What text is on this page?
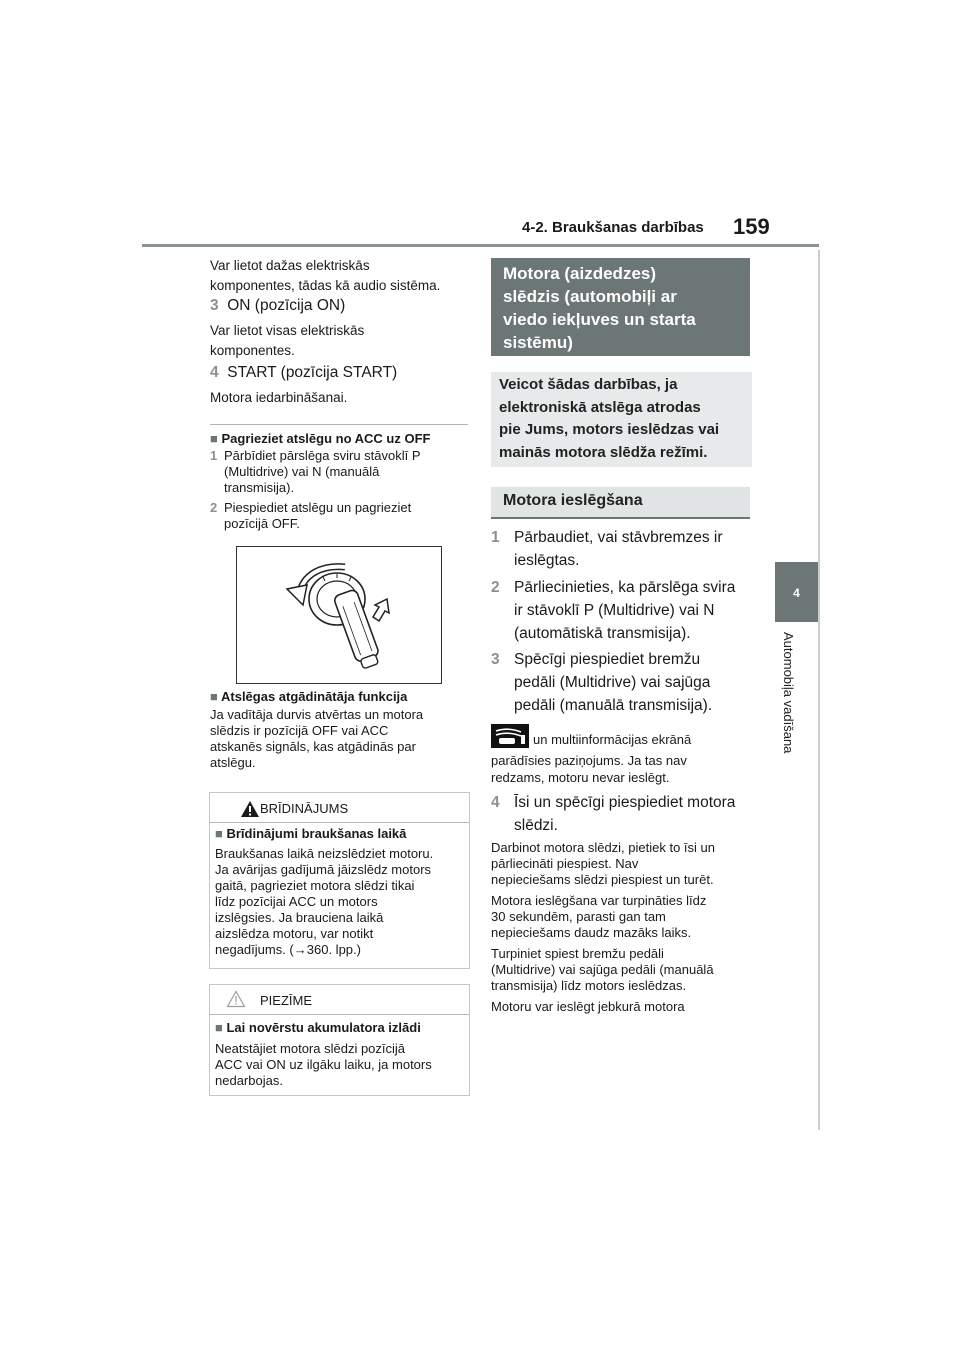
4-2. Braukšanas darbības 159
4
Automobiļa vadīšana
Var lietot dažas elektriskās
komponentes, tādas kā audio sistēma.
3 ON (pozīcija ON)
Var lietot visas elektriskās
komponentes.
4 START (pozīcija START)
Motora iedarbināšanai.
■ Pagrieziet atslēgu no ACC uz OFF
1 Pārbīdiet pārslēga sviru stāvoklī P
(Multidrive) vai N (manuālā
transmisija).
2 Piespiediet atslēgu un pagrieziet
pozīcijā OFF.
■ Atslēgas atgādinātāja funkcija
Ja vadītāja durvis atvērtas un motora
slēdzis ir pozīcijā OFF vai ACC
atskanēs signāls, kas atgādinās par
atslēgu.
BRĪDINĀJUMS
■ Brīdinājumi braukšanas laikā
Braukšanas laikā neizslēdziet motoru.
Ja avārijas gadījumā jāizslēdz motors
gaitā, pagrieziet motora slēdzi tikai
līdz pozīcijai ACC un motors
izslēgsies. Ja brauciena laikā
aizslēdza motoru, var notikt
negadījums. (→360. lpp.)
PIEZĪME
■ Lai novērstu akumulatora izlādi
Neatstājiet motora slēdzi pozīcijā
ACC vai ON uz ilgāku laiku, ja motors
nedarbojas.
Motora (aizdedzes)
slēdzis (automobiļi ar
viedo iekļuves un starta
sistēmu)
Veicot šādas darbības, ja
elektroniskā atslēga atrodas
pie Jums, motors ieslēdzas vai
mainās motora slēdža režīmi.
Motora ieslēgšana
1 Pārbaudiet, vai stāvbremzes ir
ieslēgtas.
2 Pārliecinieties, ka pārslēga svira
ir stāvoklī P (Multidrive) vai N
(automātiskā transmisija).
3 Spēcīgi piespiediet bremžu
pedāli (Multidrive) vai sajūga
pedāli (manuālā transmisija).
un multiinformācijas ekrānā
parādīsies paziņojums. Ja tas nav
redzams, motoru nevar ieslēgt.
4 Īsi un spēcīgi piespiediet motora
slēdzi.
Darbinot motora slēdzi, pietiek to īsi un
pārliecināti piespiest. Nav
nepieciešams slēdzi piespiest un turēt.
Motora ieslēgšana var turpināties līdz
30 sekundēm, parasti gan tam
nepieciešams daudz mazāks laiks.
Turpiniet spiest bremžu pedāli
(Multidrive) vai sajūga pedāli (manuālā
transmisija) līdz motors ieslēdzas.
Motoru var ieslēgt jebkurā motora
